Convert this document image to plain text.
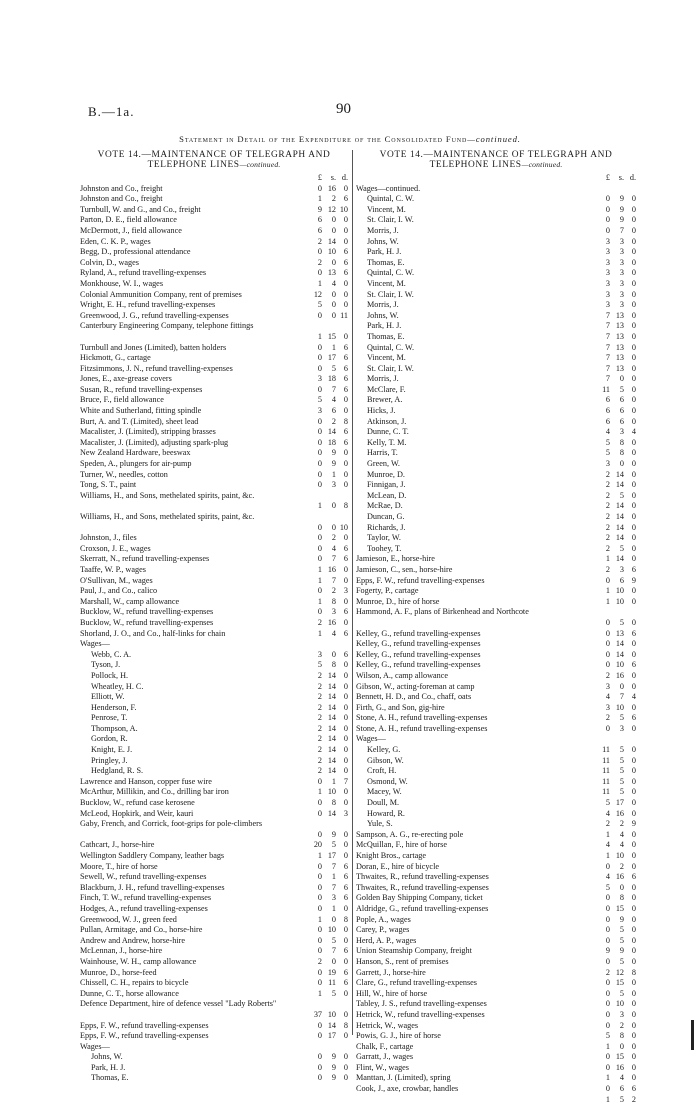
B.—1a.	90
Statement in Detail of the Expenditure of the Consolidated Fund—continued.
VOTE 14.—MAINTENANCE OF TELEGRAPH AND TELEPHONE LINES—continued.
£	s. d.
Johnston and Co., freight	0 16 0
Johnston and Co., freight	1	2 6
Turnbull, W. and G., and Co., freight	9 12 10
Parton, D. E., field allowance	6	0 0
McDermott, J., field allowance	6	0 0
Eden, C. K. P., wages	2 14 0
Begg, D., professional attendance	0 10 6
Colvin, D., wages	2	0 6
Ryland, A., refund travelling-expenses	0 13 6
Monkhouse, W. I., wages	1	4 0
Colonial Ammunition Company, rent of premises	12	0 0
Wright, E. H., refund travelling-expenses	5	0 0
Greenwood, J. G., refund travelling-expenses	0	0 11
Canterbury Engineering Company, telephone fittings
1 15 0
Turnbull and Jones (Limited), batten holders	0	1 6
Hickmott, G., cartage	0 17 6
Fitzsimmons, J. N., refund travelling-expenses	0	5 6
Jones, E., axe-grease covers	3 18 6
Susan, R., refund travelling-expenses	0	7 6
Bruce, F., field allowance	5	4 0
White and Sutherland, fitting spindle	3	6 0
Burt, A. and T. (Limited), sheet lead	0	2 8
Macalister, J. (Limited), stripping brasses	0 14 6
Macalister, J. (Limited), adjusting spark-plug	0 18 6
New Zealand Hardware, beeswax	0	9 0
Speden, A., plungers for air-pump	0	9 0
Turner, W., needles, cotton	0	1 0
Tong, S. T., paint	0	3 0
Williams, H., and Sons, methelated spirits, paint, &c.
1	0 8
Williams, H., and Sons, methelated spirits, paint, &c.
0	0 10
Johnston, J., files	0	2 0
Croxson, J. E., wages	0	4 6
Skerratt, N., refund travelling-expenses	0	7 6
Taaffe, W. P., wages	1 16 0
O'Sullivan, M., wages	1	7 0
Paul, J., and Co., calico	0	2 3
Marshall, W., camp allowance	1	8 0
Bucklow, W., refund travelling-expenses	0	3 6
Bucklow, W., refund travelling-expenses	2 16 0
Shorland, J. O., and Co., half-links for chain	1	4 6
Wages—
Webb, C. A.	3	0 6
Tyson, J.	5	8 0
Pollock, H.	2 14 0
Wheatley, H. C.	2 14 0
Elliott, W.	2 14 0
Henderson, F.	2 14 0
Penrose, T.	2 14 0
Thompson, A.	2 14 0
Gordon, R.	2 14 0
Knight, E. J.	2 14 0
Pringley, J.	2 14 0
Hedgland, R. S.	2 14 0
Lawrence and Hanson, copper fuse wire	0	1 7
McArthur, Millikin, and Co., drilling bar iron	1 10 0
Bucklow, W., refund case kerosene	0	8 0
McLeod, Hopkirk, and Weir, kauri	0 14 3
Gaby, French, and Corrick, foot-grips for pole-climbers
0	9 0
Cathcart, J., horse-hire	20	5 0
Wellington Saddlery Company, leather bags	1 17 0
Moore, T., hire of horse	0	7 6
Sewell, W., refund travelling-expenses	0	1 6
Blackburn, J. H., refund travelling-expenses	0	7 6
Finch, T. W., refund travelling-expenses	0	3 6
Hodges, A., refund travelling-expenses	0	1 0
Greenwood, W. J., green feed	1	0 8
Pullan, Armitage, and Co., horse-hire	0 10 0
Andrew and Andrew, horse-hire	0	5 0
McLennan, J., horse-hire	0	7 6
Wainhouse, W. H., camp allowance	2	0 0
Munroe, D., horse-feed	0 19 6
Chissell, C. H., repairs to bicycle	0 11 6
Dunne, C. T., horse allowance	1	5 0
Defence Department, hire of defence vessel "Lady Roberts"
37 10 0
Epps, F. W., refund travelling-expenses	0 14 8
Epps, F. W., refund travelling-expenses	0 17 0
Wages—
Johns, W.	0	9 0
Park, H. J.	0	9 0
Thomas, E.	0	9 0
VOTE 14.—MAINTENANCE OF TELEGRAPH AND TELEPHONE LINES—continued.
£	s. d.
Wages—continued.
Quintal, C. W.	0	9 0
Vincent, M.	0	9 0
St. Clair, I. W.	0	9 0
Morris, J.	0	7 0
Johns, W.	3	3 0
Park, H. J.	3	3 0
Thomas, E.	3	3 0
Quintal, C. W.	3	3 0
Vincent, M.	3	3 0
St. Clair, I. W.	3	3 0
Morris, J.	3	3 0
Johns, W.	7 13 0
Park, H. J.	7 13 0
Thomas, E.	7 13 0
Quintal, C. W.	7 13 0
Vincent, M.	7 13 0
St. Clair, I. W.	7 13 0
Morris, J.	7	0 0
McClare, F.	11	5 0
Brewer, A.	6	6 0
Hicks, J.	6	6 0
Atkinson, J.	6	6 0
Dunne, C. T.	4	3 4
Kelly, T. M.	5	8 0
Harris, T.	5	8 0
Green, W.	3	0 0
Munroe, D.	2 14 0
Finnigan, J.	2 14 0
McLean, D.	2	5 0
McRae, D.	2 14 0
Duncan, G.	2 14 0
Richards, J.	2 14 0
Taylor, W.	2 14 0
Toohey, T.	2	5 0
Jamieson, E., horse-hire	1 14 0
Jamieson, C., sen., horse-hire	2	3 6
Epps, F. W., refund travelling-expenses	0	6 9
Fogerty, P., cartage	1 10 0
Munroe, D., hire of horse	1 10 0
Hammond, A. F., plans of Birkenhead and Northcote
0	5 0
Kelley, G., refund travelling-expenses	0 13 6
Kelley, G., refund travelling-expenses	0 14 0
Kelley, G., refund travelling-expenses	0 14 0
Kelley, G., refund travelling-expenses	0 10 6
Wilson, A., camp allowance	2 16 0
Gibson, W., acting-foreman at camp	3	0 0
Bennett, H. D., and Co., chaff, oats	4	7 4
Firth, G., and Son, gig-hire	3 10 0
Stone, A. H., refund travelling-expenses	2	5 6
Stone, A. H., refund travelling-expenses	0	3 0
Wages—
Kelley, G.	11	5 0
Gibson, W.	11	5 0
Croft, H.	11	5 0
Osmond, W.	11	5 0
Macey, W.	11	5 0
Doull, M.	5 17 0
Howard, R.	4 16 0
Yule, S.	2	2 9
Sampson, A. G., re-erecting pole	1	4 0
McQuillan, F., hire of horse	4	4 0
Knight Bros., cartage	1 10 0
Doran, E., hire of bicycle	0	2 0
Thwaites, R., refund travelling-expenses	4 16 6
Thwaites, R., refund travelling-expenses	5	0 0
Golden Bay Shipping Company, ticket	0	8 0
Aldridge, G., refund travelling-expenses	0 15 0
Pople, A., wages	0	9 0
Carey, P., wages	0	5 0
Herd, A. P., wages	0	5 0
Union Steamship Company, freight	9	9 0
Hanson, S., rent of premises	0	5 0
Garrett, J., horse-hire	2 12 8
Clare, G., refund travelling-expenses	0 15 0
Hill, W., hire of horse	0	5 0
Tabley, J. S., refund travelling-expenses	0 10 0
Hetrick, W., refund travelling-expenses	0	3 0
Hetrick, W., wages	0	2 0
Powis, G. J., hire of horse	5	8 0
Chalk, F., cartage	1	0 0
Garratt, J., wages	0 15 0
Flint, W., wages	0 16 0
Manttan, J. (Limited), spring	1	4 0
Cook, J., axe, crowbar, handles	0	6 6
1	5 2
